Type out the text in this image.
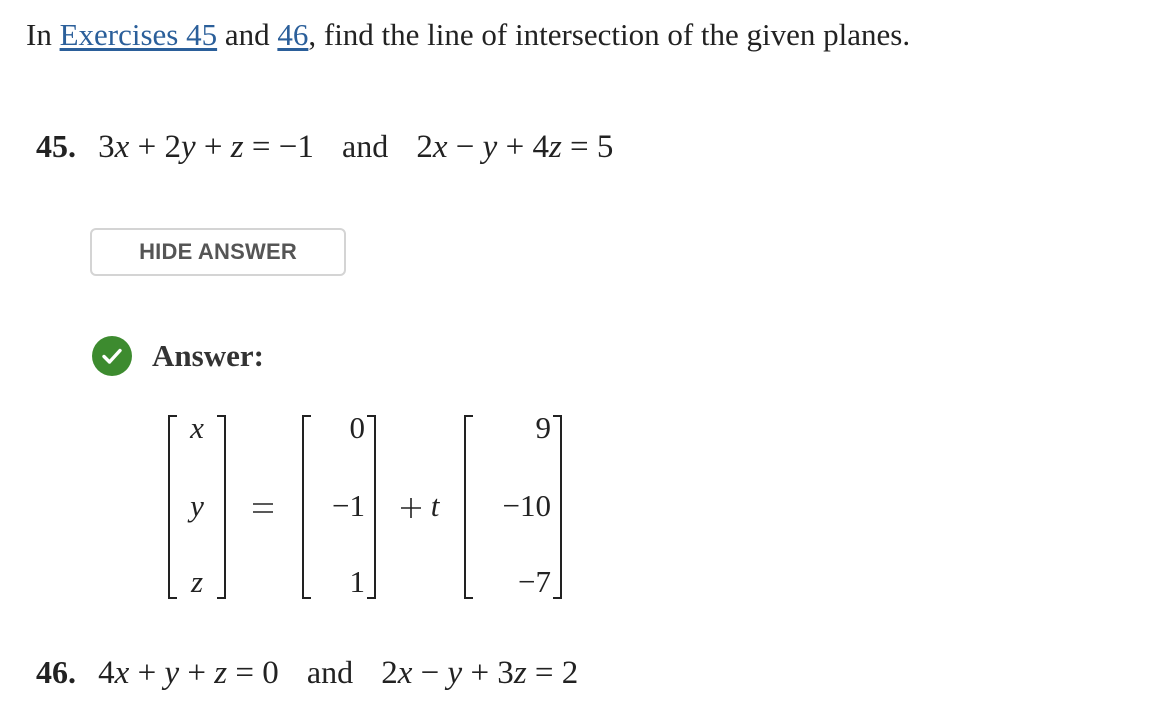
In Exercises 45 and 46, find the line of intersection of the given planes.
45. 3x + 2y + z = −1 and 2x − y + 4z = 5
HIDE ANSWER
Answer:
x
y
z
0
−1
1
t
9
−10
−7
46. 4x + y + z = 0 and 2x − y + 3z = 2
